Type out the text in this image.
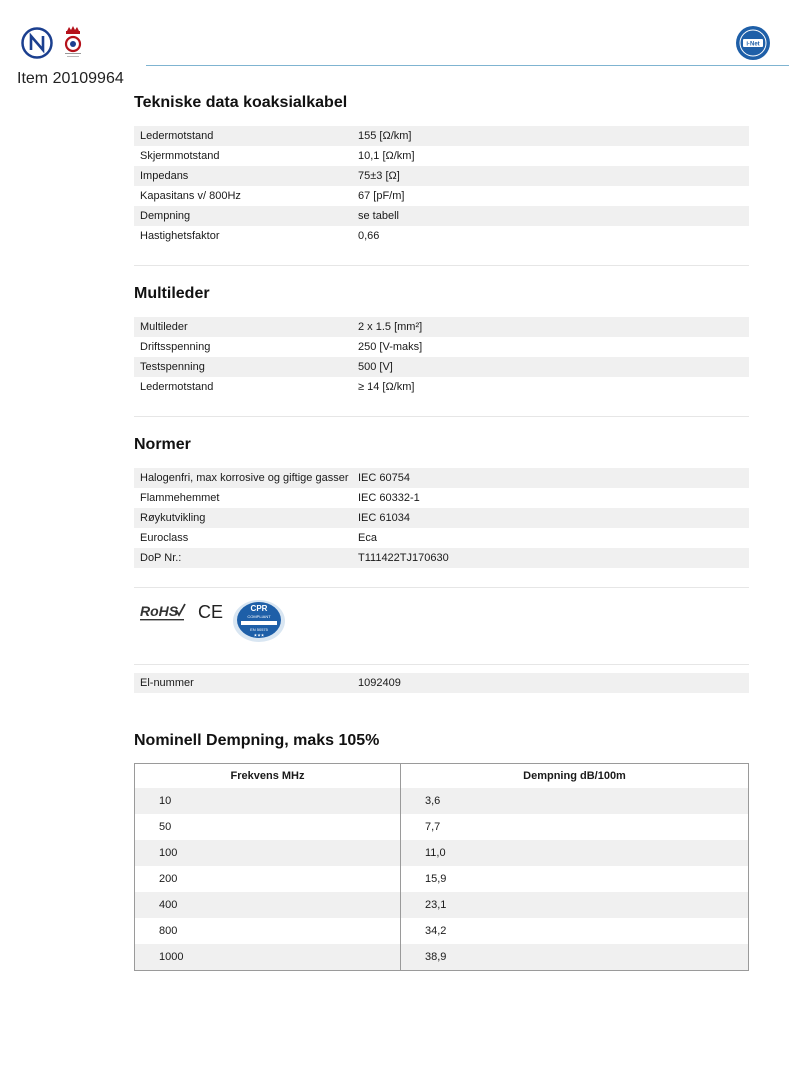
i·Net
Item 20109964
Tekniske data koaksialkabel
Ledermotstand	155 [Ω/km]
Skjermmotstand	10,1 [Ω/km]
Impedans	75±3 [Ω]
Kapasitans v/ 800Hz	67 [pF/m]
Dempning	se tabell
Hastighetsfaktor	0,66
Multileder
Multileder	2 x 1.5 [mm²]
Driftsspenning	250 [V-maks]
Testspenning	500 [V]
Ledermotstand	≥ 14 [Ω/km]
Normer
Halogenfri, max korrosive og giftige gasser	IEC 60754
Flammehemmet	IEC 60332-1
Røykutvikling	IEC 61034
Euroclass	Eca
DoP Nr.:	T111422TJ170630
RoHS CE	CPR
COMPLIANT
EN 50575
★★★
El-nummer	1092409
Nominell Dempning, maks 105%
Frekvens MHz	Dempning dB/100m
10	3,6
50	7,7
100	11,0
200	15,9
400	23,1
800	34,2
1000	38,9
